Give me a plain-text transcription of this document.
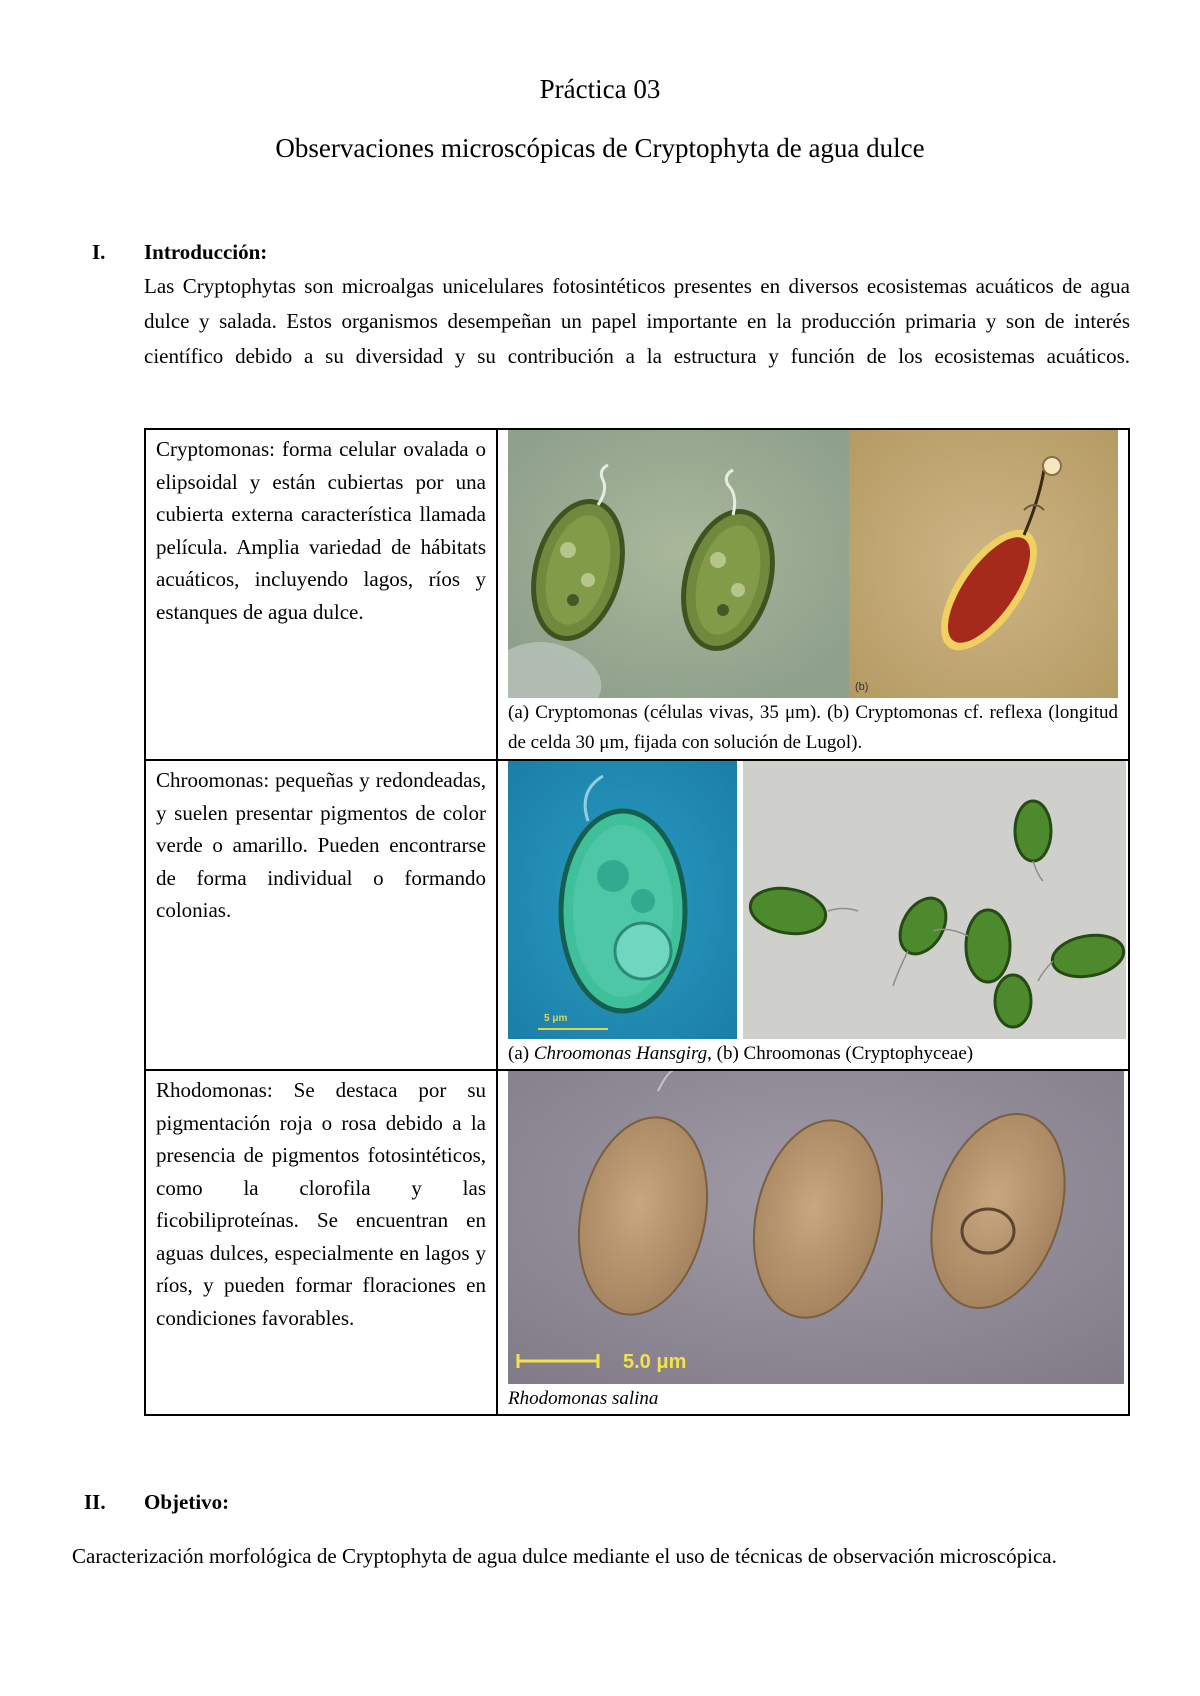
Práctica 03
Observaciones microscópicas de Cryptophyta de agua dulce
I. Introducción:
Las Cryptophytas son microalgas unicelulares fotosintéticos presentes en diversos ecosistemas acuáticos de agua dulce y salada. Estos organismos desempeñan un papel importante en la producción primaria y son de interés científico debido a su diversidad y su contribución a la estructura y función de los ecosistemas acuáticos.
Cryptomonas: forma celular ovalada o elipsoidal y están cubiertas por una cubierta externa característica llamada película. Amplia variedad de hábitats acuáticos, incluyendo lagos, ríos y estanques de agua dulce.	(b)
(a) Cryptomonas (células vivas, 35 μm). (b) Cryptomonas cf. reflexa (longitud de celda 30 μm, fijada con solución de Lugol).

Chroomonas: pequeñas y redondeadas, y suelen presentar pigmentos de color verde o amarillo. Pueden encontrarse de forma individual o formando colonias.	5 μm
(a) Chroomonas Hansgirg, (b) Chroomonas (Cryptophyceae)

Rhodomonas: Se destaca por su pigmentación roja o rosa debido a la presencia de pigmentos fotosintéticos, como la clorofila y las ficobiliproteínas. Se encuentran en aguas dulces, especialmente en lagos y ríos, y pueden formar floraciones en condiciones favorables.	5.0 μm
Rhodomonas salina
II. Objetivo:
Caracterización morfológica de Cryptophyta de agua dulce mediante el uso de técnicas de observación microscópica.
